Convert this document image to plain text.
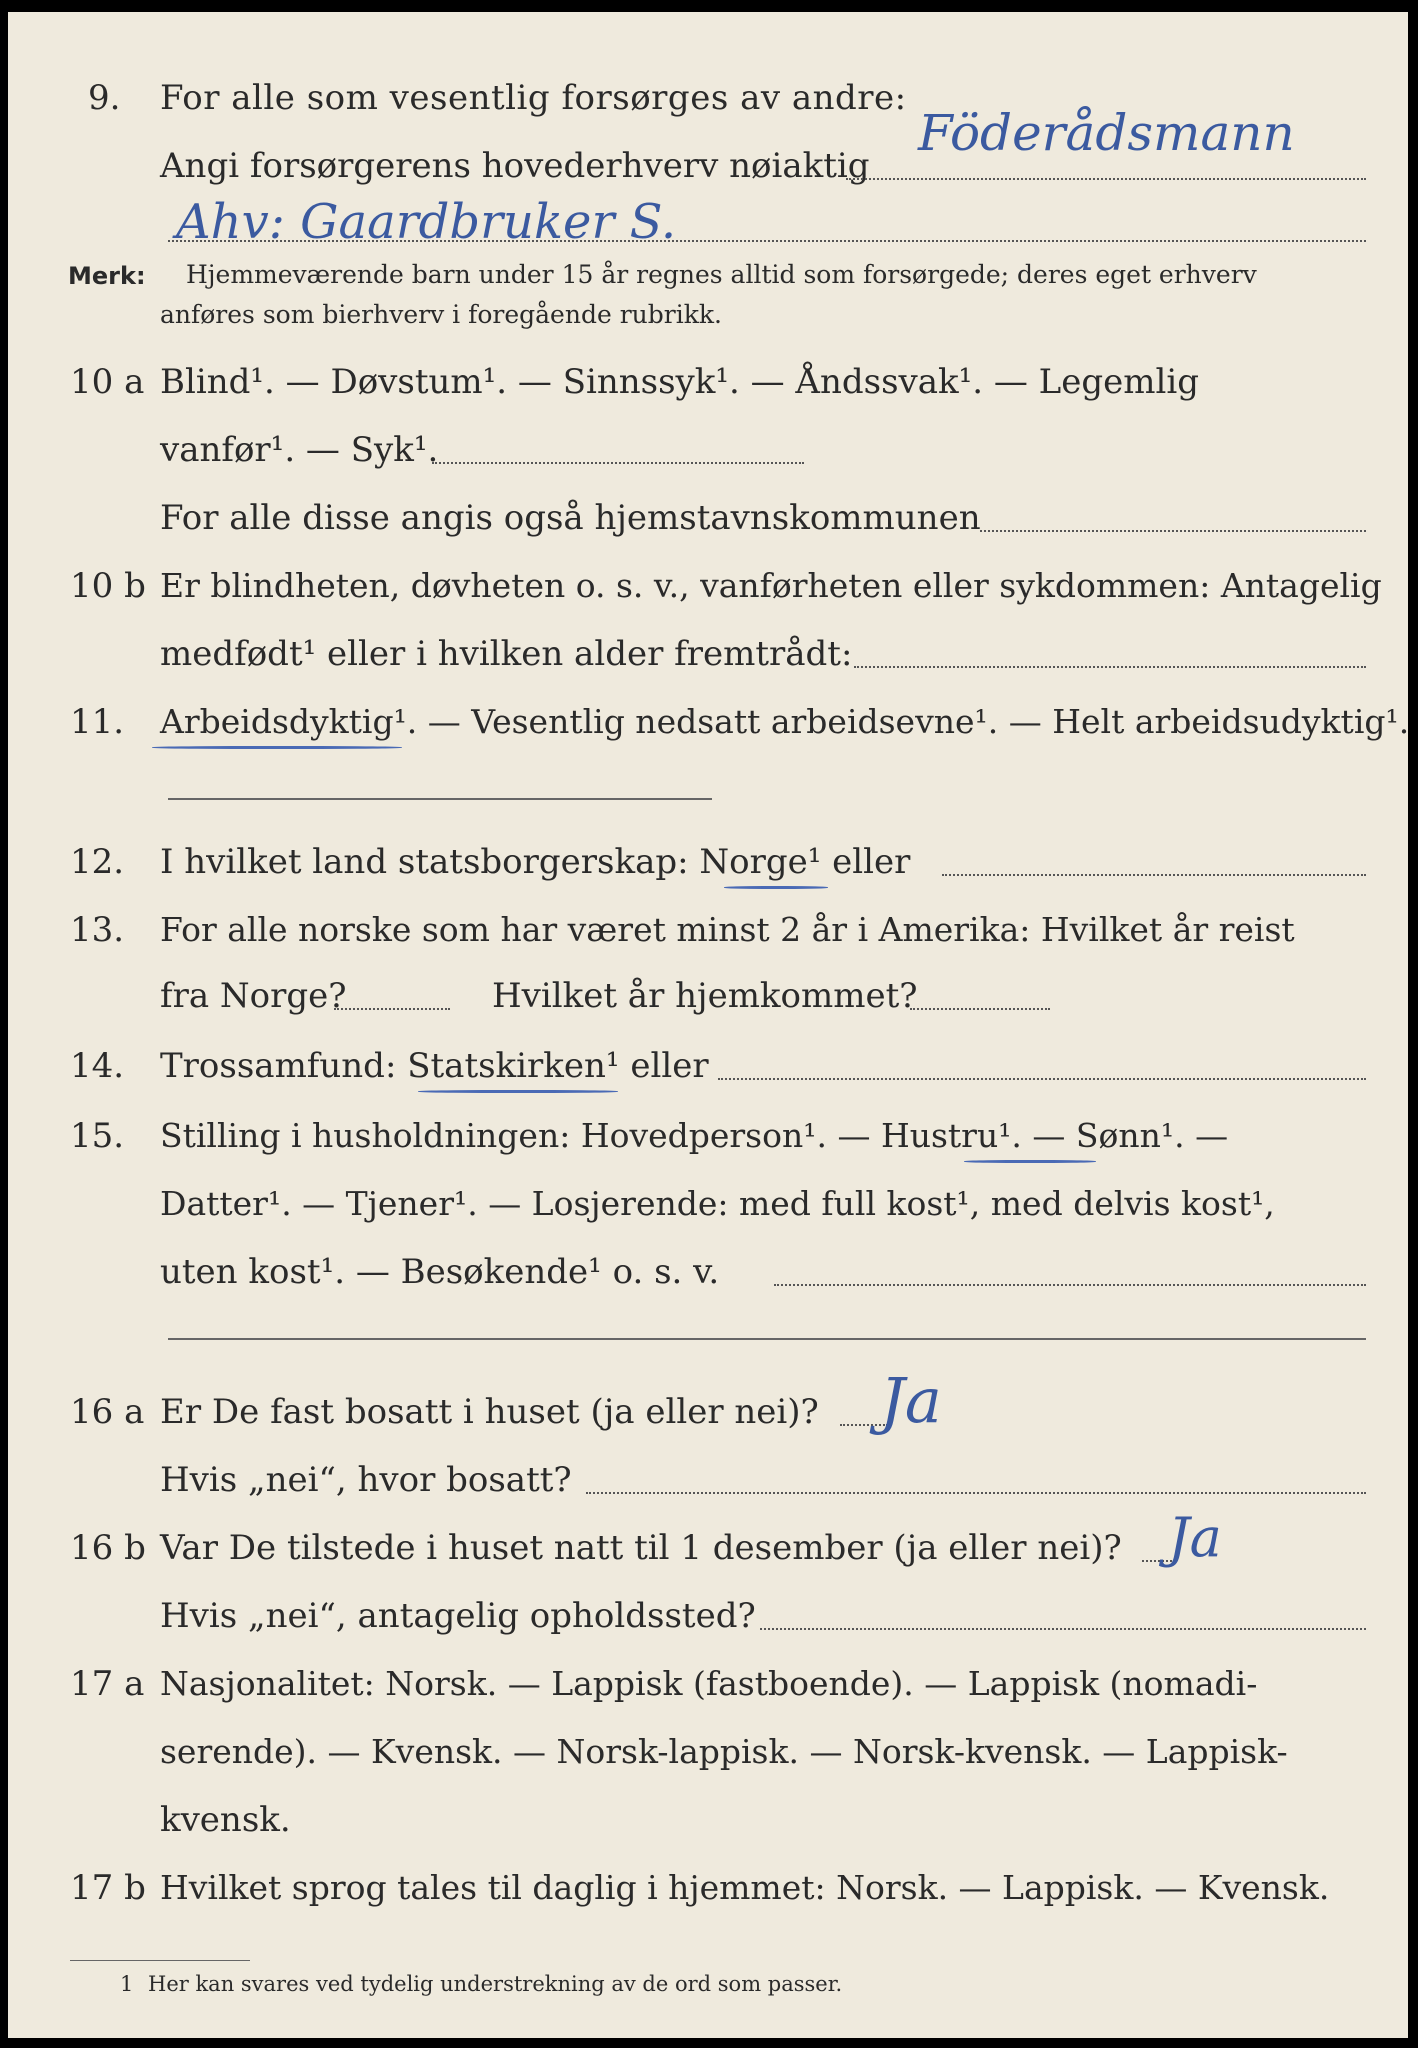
9. For alle som vesentlig forsørges av andre:
Angi forsørgerens hovederhverv nøiaktig
Föderådsmann
Ahv: Gaardbruker S.
Merk: Hjemmeværende barn under 15 år regnes alltid som forsørgede; deres eget erhverv
anføres som bierhverv i foregående rubrikk.
10 a Blind¹. — Døvstum¹. — Sinnssyk¹. — Åndssvak¹. — Legemlig
vanfør¹. — Syk¹.
For alle disse angis også hjemstavnskommunen
10 b Er blindheten, døvheten o. s. v., vanførheten eller sykdommen: Antagelig
medfødt¹ eller i hvilken alder fremtrådt:
11. Arbeidsdyktig¹. — Vesentlig nedsatt arbeidsevne¹. — Helt arbeidsudyktig¹.
12. I hvilket land statsborgerskap: Norge¹ eller
13. For alle norske som har været minst 2 år i Amerika: Hvilket år reist
fra Norge?	Hvilket år hjemkommet?
14. Trossamfund: Statskirken¹ eller
15. Stilling i husholdningen: Hovedperson¹. — Hustru¹. — Sønn¹. —
Datter¹. — Tjener¹. — Losjerende: med full kost¹, med delvis kost¹,
uten kost¹. — Besøkende¹ o. s. v.
16 a Er De fast bosatt i huset (ja eller nei)? Ja
Hvis „nei“, hvor bosatt?
16 b Var De tilstede i huset natt til 1 desember (ja eller nei)? Ja
Hvis „nei“, antagelig opholdssted?
17 a Nasjonalitet: Norsk. — Lappisk (fastboende). — Lappisk (nomadi-
serende). — Kvensk. — Norsk-lappisk. — Norsk-kvensk. — Lappisk-
kvensk.
17 b Hvilket sprog tales til daglig i hjemmet: Norsk. — Lappisk. — Kvensk.
1 Her kan svares ved tydelig understrekning av de ord som passer.
